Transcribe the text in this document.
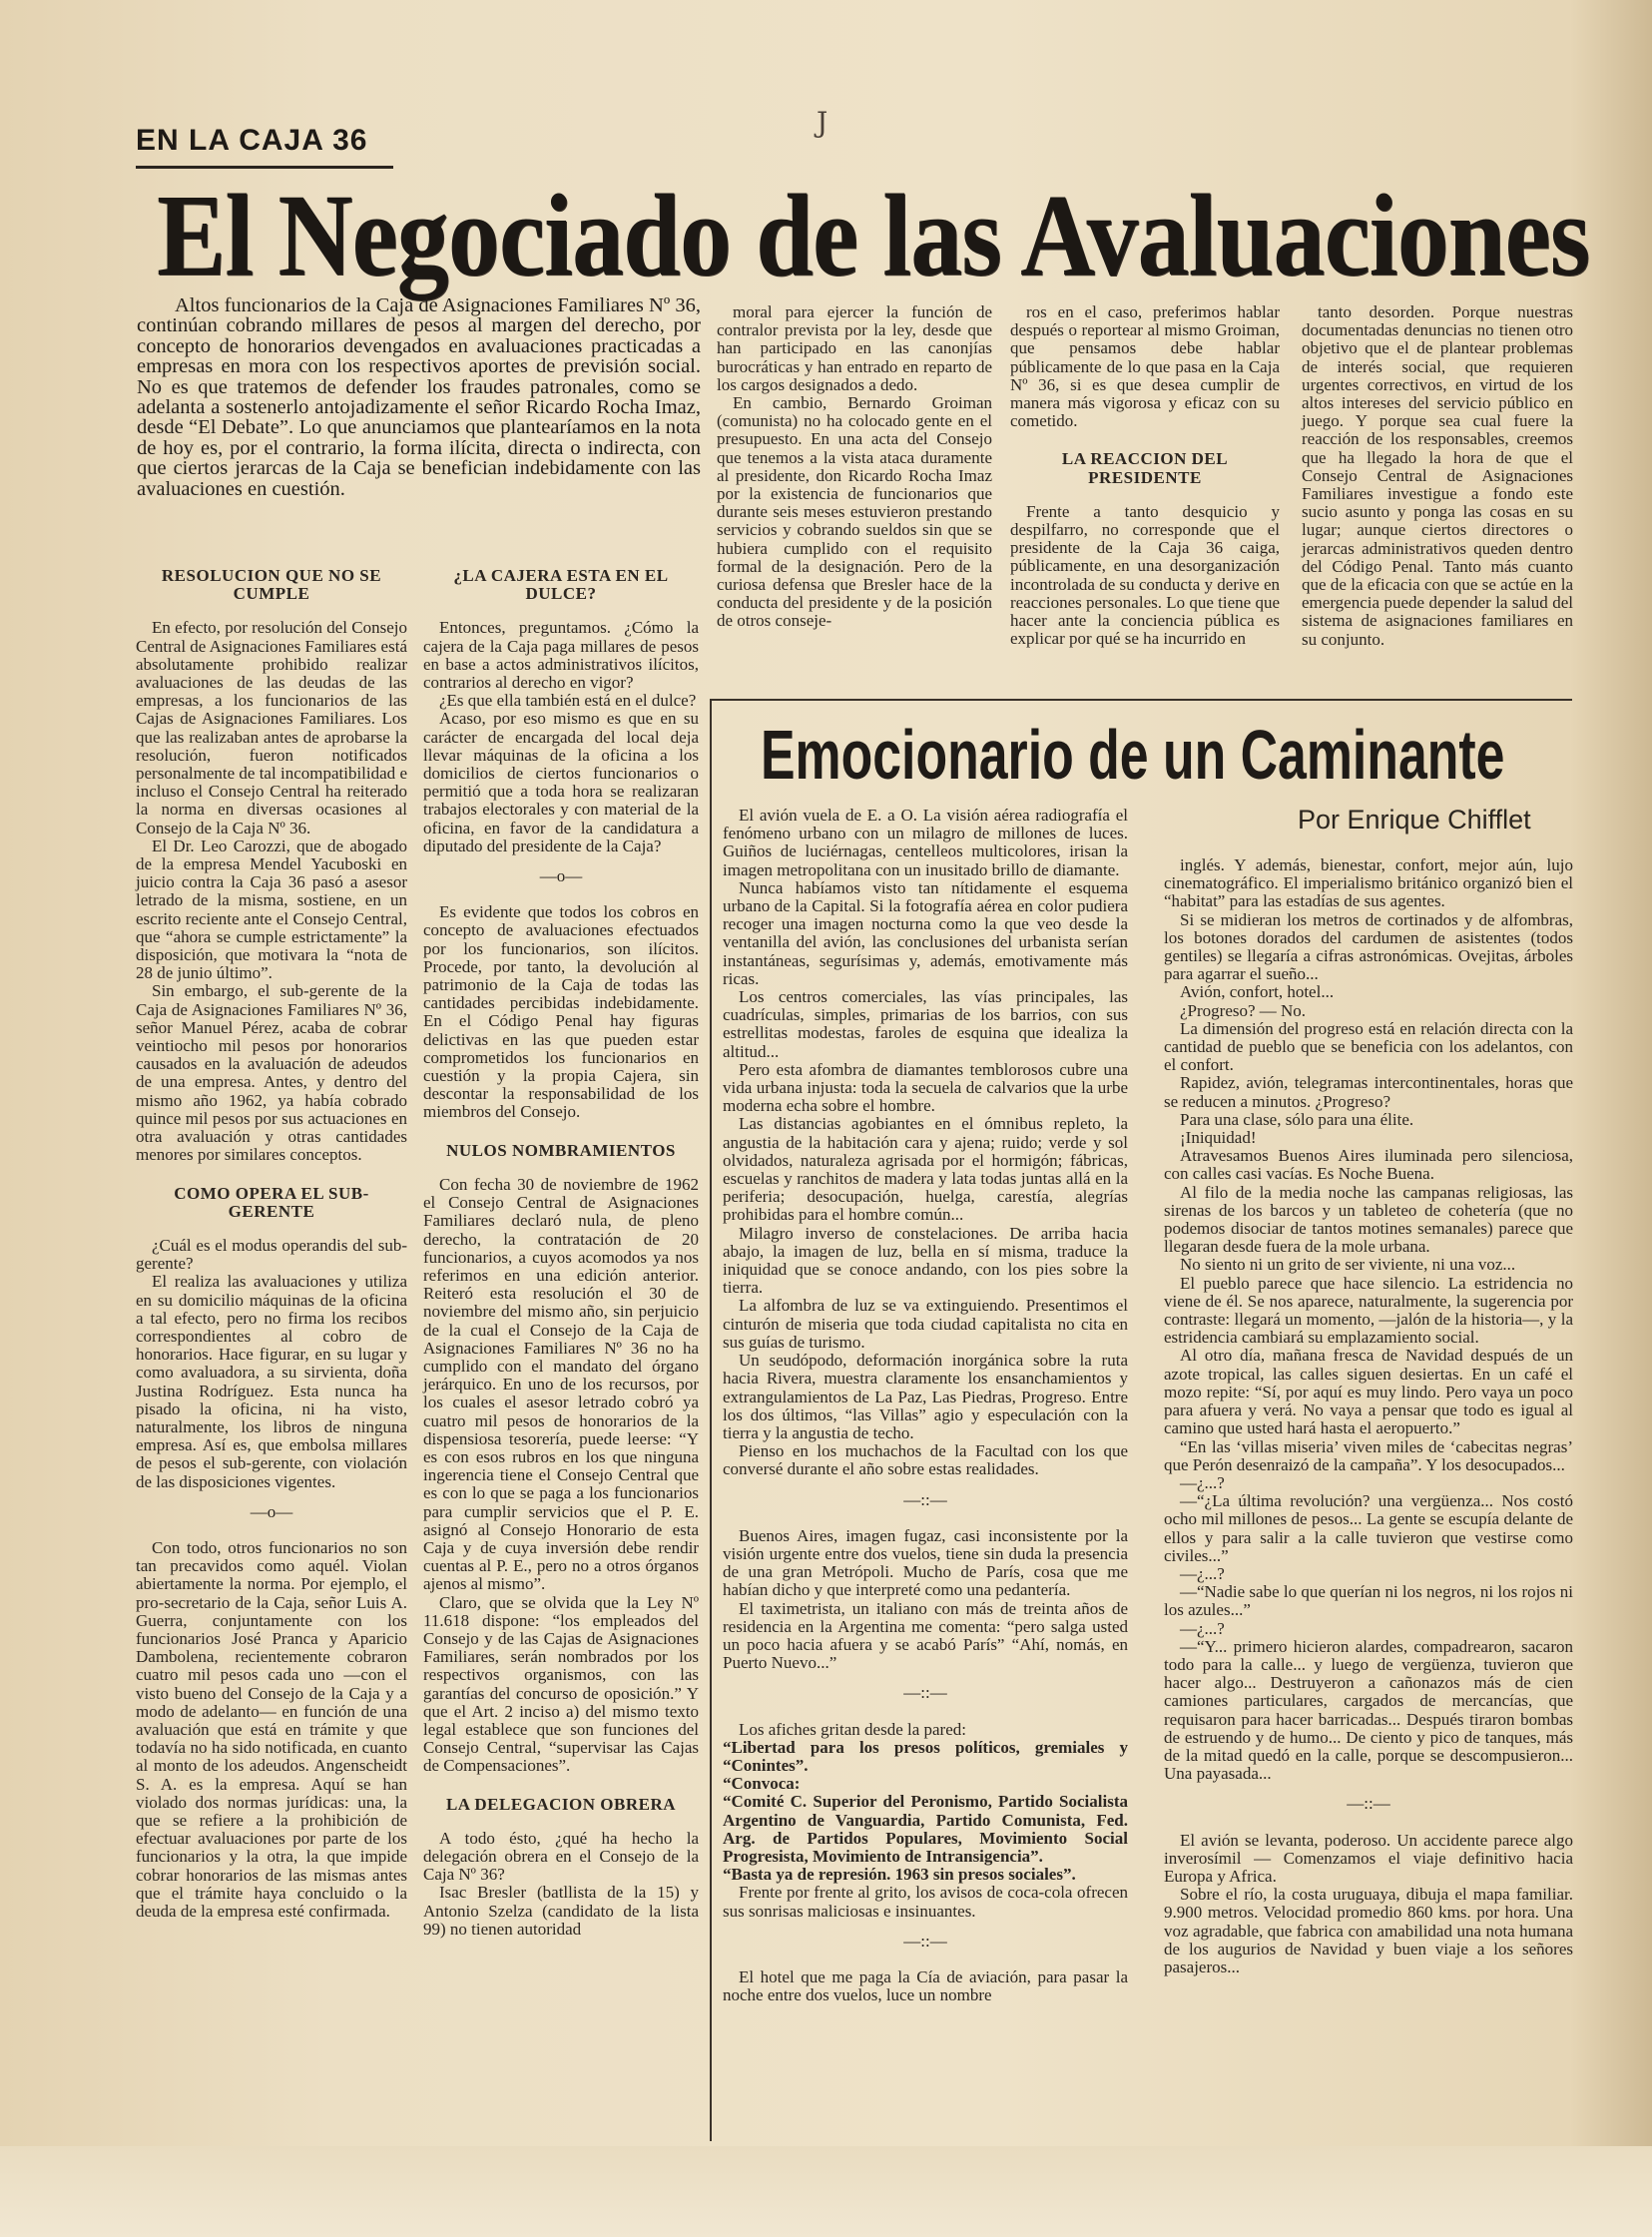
EN LA CAJA 36
J
El Negociado de las Avaluaciones

Altos funcionarios de la Caja de Asignaciones Familiares Nº 36, continúan cobrando millares de pesos al margen del derecho, por concepto de honorarios devengados en avaluaciones practicadas a empresas en mora con los respectivos aportes de previsión social. No es que tratemos de defender los fraudes patronales, como se adelanta a sostenerlo antojadizamente el señor Ricardo Rocha Imaz, desde “El Debate”. Lo que anunciamos que plantearíamos en la nota de hoy es, por el contrario, la forma ilícita, directa o indirecta, con que ciertos jerarcas de la Caja se benefician indebidamente con las avaluaciones en cuestión.

RESOLUCION QUE NO SE CUMPLE

En efecto, por resolución del Consejo Central de Asignaciones Familiares está absolutamente prohibido realizar avaluaciones de las deudas de las empresas, a los funcionarios de las Cajas de Asignaciones Familiares. Los que las realizaban antes de aprobarse la resolución, fueron notificados personalmente de tal incompatibilidad e incluso el Consejo Central ha reiterado la norma en diversas ocasiones al Consejo de la Caja Nº 36.

El Dr. Leo Carozzi, que de abogado de la empresa Mendel Yacuboski en juicio contra la Caja 36 pasó a asesor letrado de la misma, sostiene, en un escrito reciente ante el Consejo Central, que “ahora se cumple estrictamente” la disposición, que motivara la “nota de 28 de junio último”.

Sin embargo, el sub-gerente de la Caja de Asignaciones Familiares Nº 36, señor Manuel Pérez, acaba de cobrar veintiocho mil pesos por honorarios causados en la avaluación de adeudos de una empresa. Antes, y dentro del mismo año 1962, ya había cobrado quince mil pesos por sus actuaciones en otra avaluación y otras cantidades menores por similares conceptos.

COMO OPERA EL SUB-GERENTE

¿Cuál es el modus operandis del sub-gerente?

El realiza las avaluaciones y utiliza en su domicilio máquinas de la oficina a tal efecto, pero no firma los recibos correspondientes al cobro de honorarios. Hace figurar, en su lugar y como avaluadora, a su sirvienta, doña Justina Rodríguez. Esta nunca ha pisado la oficina, ni ha visto, naturalmente, los libros de ninguna empresa. Así es, que embolsa millares de pesos el sub-gerente, con violación de las disposiciones vigentes.

—o—

Con todo, otros funcionarios no son tan precavidos como aquél. Violan abiertamente la norma. Por ejemplo, el pro-secretario de la Caja, señor Luis A. Guerra, conjuntamente con los funcionarios José Pranca y Aparicio Dambolena, recientemente cobraron cuatro mil pesos cada uno —con el visto bueno del Consejo de la Caja y a modo de adelanto— en función de una avaluación que está en trámite y que todavía no ha sido notificada, en cuanto al monto de los adeudos. Angenscheidt S. A. es la empresa. Aquí se han violado dos normas jurídicas: una, la que se refiere a la prohibición de efectuar avaluaciones por parte de los funcionarios y la otra, la que impide cobrar honorarios de las mismas antes que el trámite haya concluido o la deuda de la empresa esté confirmada.

¿LA CAJERA ESTA EN EL DULCE?

Entonces, preguntamos. ¿Cómo la cajera de la Caja paga millares de pesos en base a actos administrativos ilícitos, contrarios al derecho en vigor?

¿Es que ella también está en el dulce?

Acaso, por eso mismo es que en su carácter de encargada del local deja llevar máquinas de la oficina a los domicilios de ciertos funcionarios o permitió que a toda hora se realizaran trabajos electorales y con material de la oficina, en favor de la candidatura a diputado del presidente de la Caja?

—o—

Es evidente que todos los cobros en concepto de avaluaciones efectuados por los funcionarios, son ilícitos. Procede, por tanto, la devolución al patrimonio de la Caja de todas las cantidades percibidas indebidamente. En el Código Penal hay figuras delictivas en las que pueden estar comprometidos los funcionarios en cuestión y la propia Cajera, sin descontar la responsabilidad de los miembros del Consejo.

NULOS NOMBRAMIENTOS

Con fecha 30 de noviembre de 1962 el Consejo Central de Asignaciones Familiares declaró nula, de pleno derecho, la contratación de 20 funcionarios, a cuyos acomodos ya nos referimos en una edición anterior. Reiteró esta resolución el 30 de noviembre del mismo año, sin perjuicio de la cual el Consejo de la Caja de Asignaciones Familiares Nº 36 no ha cumplido con el mandato del órgano jerárquico. En uno de los recursos, por los cuales el asesor letrado cobró ya cuatro mil pesos de honorarios de la dispensiosa tesorería, puede leerse: “Y es con esos rubros en los que ninguna ingerencia tiene el Consejo Central que es con lo que se paga a los funcionarios para cumplir servicios que el P. E. asignó al Consejo Honorario de esta Caja y de cuya inversión debe rendir cuentas al P. E., pero no a otros órganos ajenos al mismo”.

Claro, que se olvida que la Ley Nº 11.618 dispone: “los empleados del Consejo y de las Cajas de Asignaciones Familiares, serán nombrados por los respectivos organismos, con las garantías del concurso de oposición.” Y que el Art. 2 inciso a) del mismo texto legal establece que son funciones del Consejo Central, “supervisar las Cajas de Compensaciones”.

LA DELEGACION OBRERA

A todo ésto, ¿qué ha hecho la delegación obrera en el Consejo de la Caja Nº 36?

Isac Bresler (batllista de la 15) y Antonio Szelza (candidato de la lista 99) no tienen autoridad

moral para ejercer la función de contralor prevista por la ley, desde que han participado en las canonjías burocráticas y han entrado en reparto de los cargos designados a dedo.

En cambio, Bernardo Groiman (comunista) no ha colocado gente en el presupuesto. En una acta del Consejo que tenemos a la vista ataca duramente al presidente, don Ricardo Rocha Imaz por la existencia de funcionarios que durante seis meses estuvieron prestando servicios y cobrando sueldos sin que se hubiera cumplido con el requisito formal de la designación. Pero de la curiosa defensa que Bresler hace de la conducta del presidente y de la posición de otros conseje-

ros en el caso, preferimos hablar después o reportear al mismo Groiman, que pensamos debe hablar públicamente de lo que pasa en la Caja Nº 36, si es que desea cumplir de manera más vigorosa y eficaz con su cometido.

LA REACCION DEL PRESIDENTE

Frente a tanto desquicio y despilfarro, no corresponde que el presidente de la Caja 36 caiga, públicamente, en una desorganización incontrolada de su conducta y derive en reacciones personales. Lo que tiene que hacer ante la conciencia pública es explicar por qué se ha incurrido en

tanto desorden. Porque nuestras documentadas denuncias no tienen otro objetivo que el de plantear problemas de interés social, que requieren urgentes correctivos, en virtud de los altos intereses del servicio público en juego. Y porque sea cual fuere la reacción de los responsables, creemos que ha llegado la hora de que el Consejo Central de Asignaciones Familiares investigue a fondo este sucio asunto y ponga las cosas en su lugar; aunque ciertos directores o jerarcas administrativos queden dentro del Código Penal. Tanto más cuanto que de la eficacia con que se actúe en la emergencia puede depender la salud del sistema de asignaciones familiares en su conjunto.

Emocionario de un Caminante
Por Enrique Chifflet

El avión vuela de E. a O. La visión aérea radiografía el fenómeno urbano con un milagro de millones de luces. Guiños de luciérnagas, centelleos multicolores, irisan la imagen metropolitana con un inusitado brillo de diamante.

Nunca habíamos visto tan nítidamente el esquema urbano de la Capital. Si la fotografía aérea en color pudiera recoger una imagen nocturna como la que veo desde la ventanilla del avión, las conclusiones del urbanista serían instantáneas, segurísimas y, además, emotivamente más ricas.

Los centros comerciales, las vías principales, las cuadrículas, simples, primarias de los barrios, con sus estrellitas modestas, faroles de esquina que idealiza la altitud...

Pero esta afombra de diamantes temblorosos cubre una vida urbana injusta: toda la secuela de calvarios que la urbe moderna echa sobre el hombre.

Las distancias agobiantes en el ómnibus repleto, la angustia de la habitación cara y ajena; ruido; verde y sol olvidados, naturaleza agrisada por el hormigón; fábricas, escuelas y ranchitos de madera y lata todas juntas allá en la periferia; desocupación, huelga, carestía, alegrías prohibidas para el hombre común...

Milagro inverso de constelaciones. De arriba hacia abajo, la imagen de luz, bella en sí misma, traduce la iniquidad que se conoce andando, con los pies sobre la tierra.

La alfombra de luz se va extinguiendo. Presentimos el cinturón de miseria que toda ciudad capitalista no cita en sus guías de turismo.

Un seudópodo, deformación inorgánica sobre la ruta hacia Rivera, muestra claramente los ensanchamientos y extrangulamientos de La Paz, Las Piedras, Progreso. Entre los dos últimos, “las Villas” agio y especulación con la tierra y la angustia de techo.

Pienso en los muchachos de la Facultad con los que conversé durante el año sobre estas realidades.

—::—

Buenos Aires, imagen fugaz, casi inconsistente por la visión urgente entre dos vuelos, tiene sin duda la presencia de una gran Metrópoli. Mucho de París, cosa que me habían dicho y que interpreté como una pedantería.

El taximetrista, un italiano con más de treinta años de residencia en la Argentina me comenta: “pero salga usted un poco hacia afuera y se acabó París” “Ahí, nomás, en Puerto Nuevo...”

—::—

Los afiches gritan desde la pared:

“Libertad para los presos políticos, gremiales y “Conintes”.

“Convoca:

“Comité C. Superior del Peronismo, Partido Socialista Argentino de Vanguardia, Partido Comunista, Fed. Arg. de Partidos Populares, Movimiento Social Progresista, Movimiento de Intransigencia”.

“Basta ya de represión. 1963 sin presos sociales”.

Frente por frente al grito, los avisos de coca-cola ofrecen sus sonrisas maliciosas e insinuantes.

—::—

El hotel que me paga la Cía de aviación, para pasar la noche entre dos vuelos, luce un nombre

inglés. Y además, bienestar, confort, mejor aún, lujo cinematográfico. El imperialismo británico organizó bien el “habitat” para las estadías de sus agentes.

Si se midieran los metros de cortinados y de alfombras, los botones dorados del cardumen de asistentes (todos gentiles) se llegaría a cifras astronómicas. Ovejitas, árboles para agarrar el sueño...

Avión, confort, hotel...

¿Progreso? — No.

La dimensión del progreso está en relación directa con la cantidad de pueblo que se beneficia con los adelantos, con el confort.

Rapidez, avión, telegramas intercontinentales, horas que se reducen a minutos. ¿Progreso?

Para una clase, sólo para una élite.

¡Iniquidad!

Atravesamos Buenos Aires iluminada pero silenciosa, con calles casi vacías. Es Noche Buena.

Al filo de la media noche las campanas religiosas, las sirenas de los barcos y un tableteo de cohetería (que no podemos disociar de tantos motines semanales) parece que llegaran desde fuera de la mole urbana.

No siento ni un grito de ser viviente, ni una voz...

El pueblo parece que hace silencio. La estridencia no viene de él. Se nos aparece, naturalmente, la sugerencia por contraste: llegará un momento, —jalón de la historia—, y la estridencia cambiará su emplazamiento social.

Al otro día, mañana fresca de Navidad después de un azote tropical, las calles siguen desiertas. En un café el mozo repite: “Sí, por aquí es muy lindo. Pero vaya un poco para afuera y verá. No vaya a pensar que todo es igual al camino que usted hará hasta el aeropuerto.”

“En las ‘villas miseria’ viven miles de ‘cabecitas negras’ que Perón desenraizó de la campaña”. Y los desocupados...

—¿...?

—“¿La última revolución? una vergüenza... Nos costó ocho mil millones de pesos... La gente se escupía delante de ellos y para salir a la calle tuvieron que vestirse como civiles...”

—¿...?

—“Nadie sabe lo que querían ni los negros, ni los rojos ni los azules...”

—¿...?

—“Y... primero hicieron alardes, compadrearon, sacaron todo para la calle... y luego de vergüenza, tuvieron que hacer algo... Destruyeron a cañonazos más de cien camiones particulares, cargados de mercancías, que requisaron para hacer barricadas... Después tiraron bombas de estruendo y de humo... De ciento y pico de tanques, más de la mitad quedó en la calle, porque se descompusieron... Una payasada...

—::—

El avión se levanta, poderoso. Un accidente parece algo inverosímil — Comenzamos el viaje definitivo hacia Europa y Africa.

Sobre el río, la costa uruguaya, dibuja el mapa familiar. 9.900 metros. Velocidad promedio 860 kms. por hora. Una voz agradable, que fabrica con amabilidad una nota humana de los augurios de Navidad y buen viaje a los señores pasajeros...
